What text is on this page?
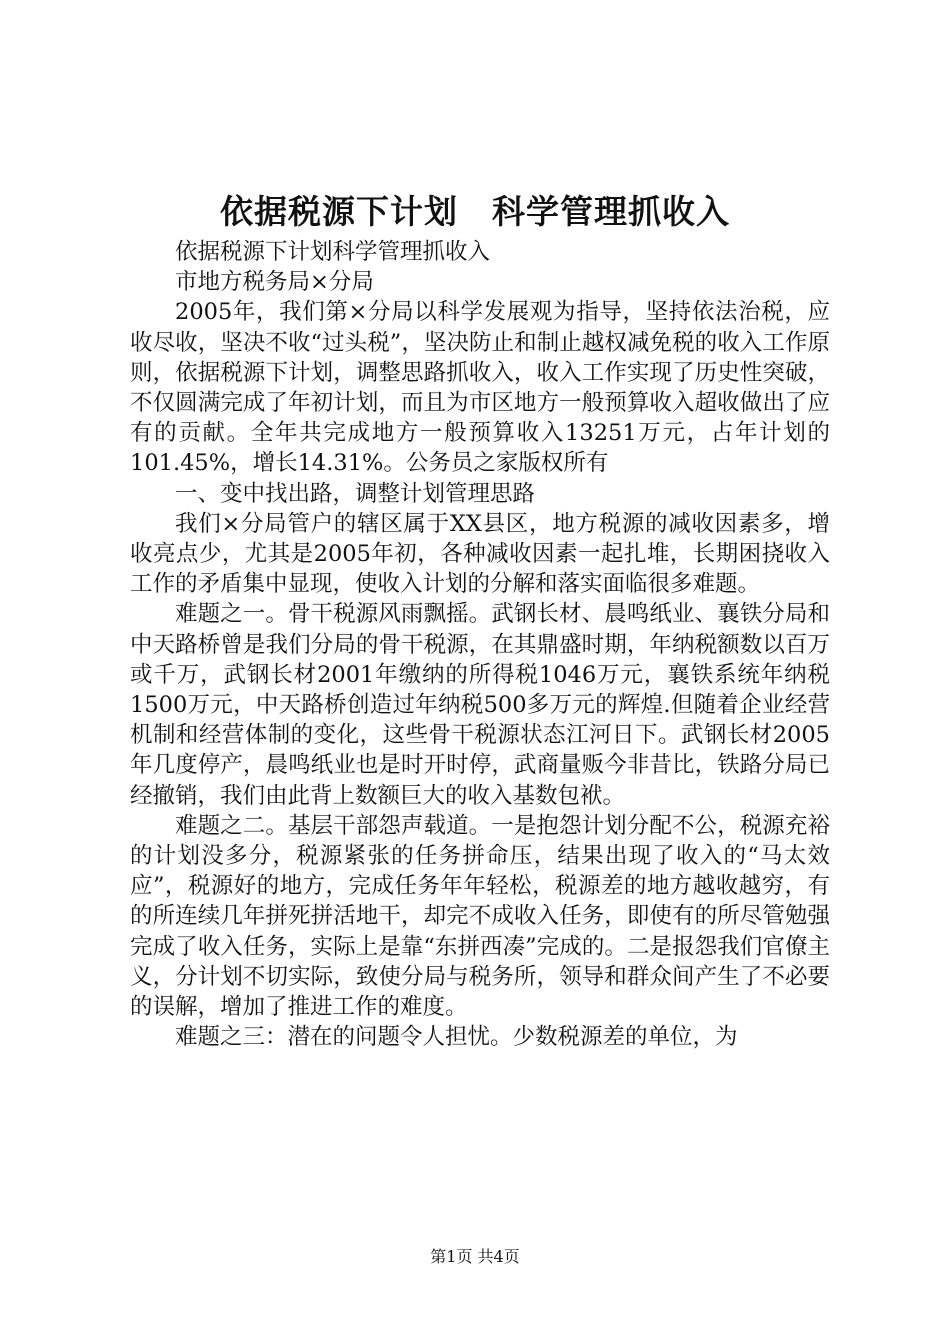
依据税源下计划　科学管理抓收入

依据税源下计划科学管理抓收入

市地方税务局×分局

2005年，我们第×分局以科学发展观为指导，坚持依法治税，应收尽收，坚决不收“过头税”，坚决防止和制止越权减免税的收入工作原则，依据税源下计划，调整思路抓收入，收入工作实现了历史性突破，不仅圆满完成了年初计划，而且为市区地方一般预算收入超收做出了应有的贡献。全年共完成地方一般预算收入13251万元，占年计划的101.45%，增长14.31%。公务员之家版权所有

一、变中找出路，调整计划管理思路

我们×分局管户的辖区属于XX县区，地方税源的减收因素多，增收亮点少，尤其是2005年初，各种减收因素一起扎堆，长期困挠收入工作的矛盾集中显现，使收入计划的分解和落实面临很多难题。

难题之一。骨干税源风雨飘摇。武钢长材、晨鸣纸业、襄铁分局和中天路桥曾是我们分局的骨干税源，在其鼎盛时期，年纳税额数以百万或千万，武钢长材2001年缴纳的所得税1046万元，襄铁系统年纳税1500万元，中天路桥创造过年纳税500多万元的辉煌.但随着企业经营机制和经营体制的变化，这些骨干税源状态江河日下。武钢长材2005年几度停产，晨鸣纸业也是时开时停，武商量贩今非昔比，铁路分局已经撤销，我们由此背上数额巨大的收入基数包袱。

难题之二。基层干部怨声载道。一是抱怨计划分配不公，税源充裕的计划没多分，税源紧张的任务拼命压，结果出现了收入的“马太效应”，税源好的地方，完成任务年年轻松，税源差的地方越收越穷，有的所连续几年拼死拼活地干，却完不成收入任务，即使有的所尽管勉强完成了收入任务，实际上是靠“东拼西凑”完成的。二是报怨我们官僚主义，分计划不切实际，致使分局与税务所，领导和群众间产生了不必要的误解，增加了推进工作的难度。

难题之三：潜在的问题令人担忧。少数税源差的单位，为

第1页 共4页
